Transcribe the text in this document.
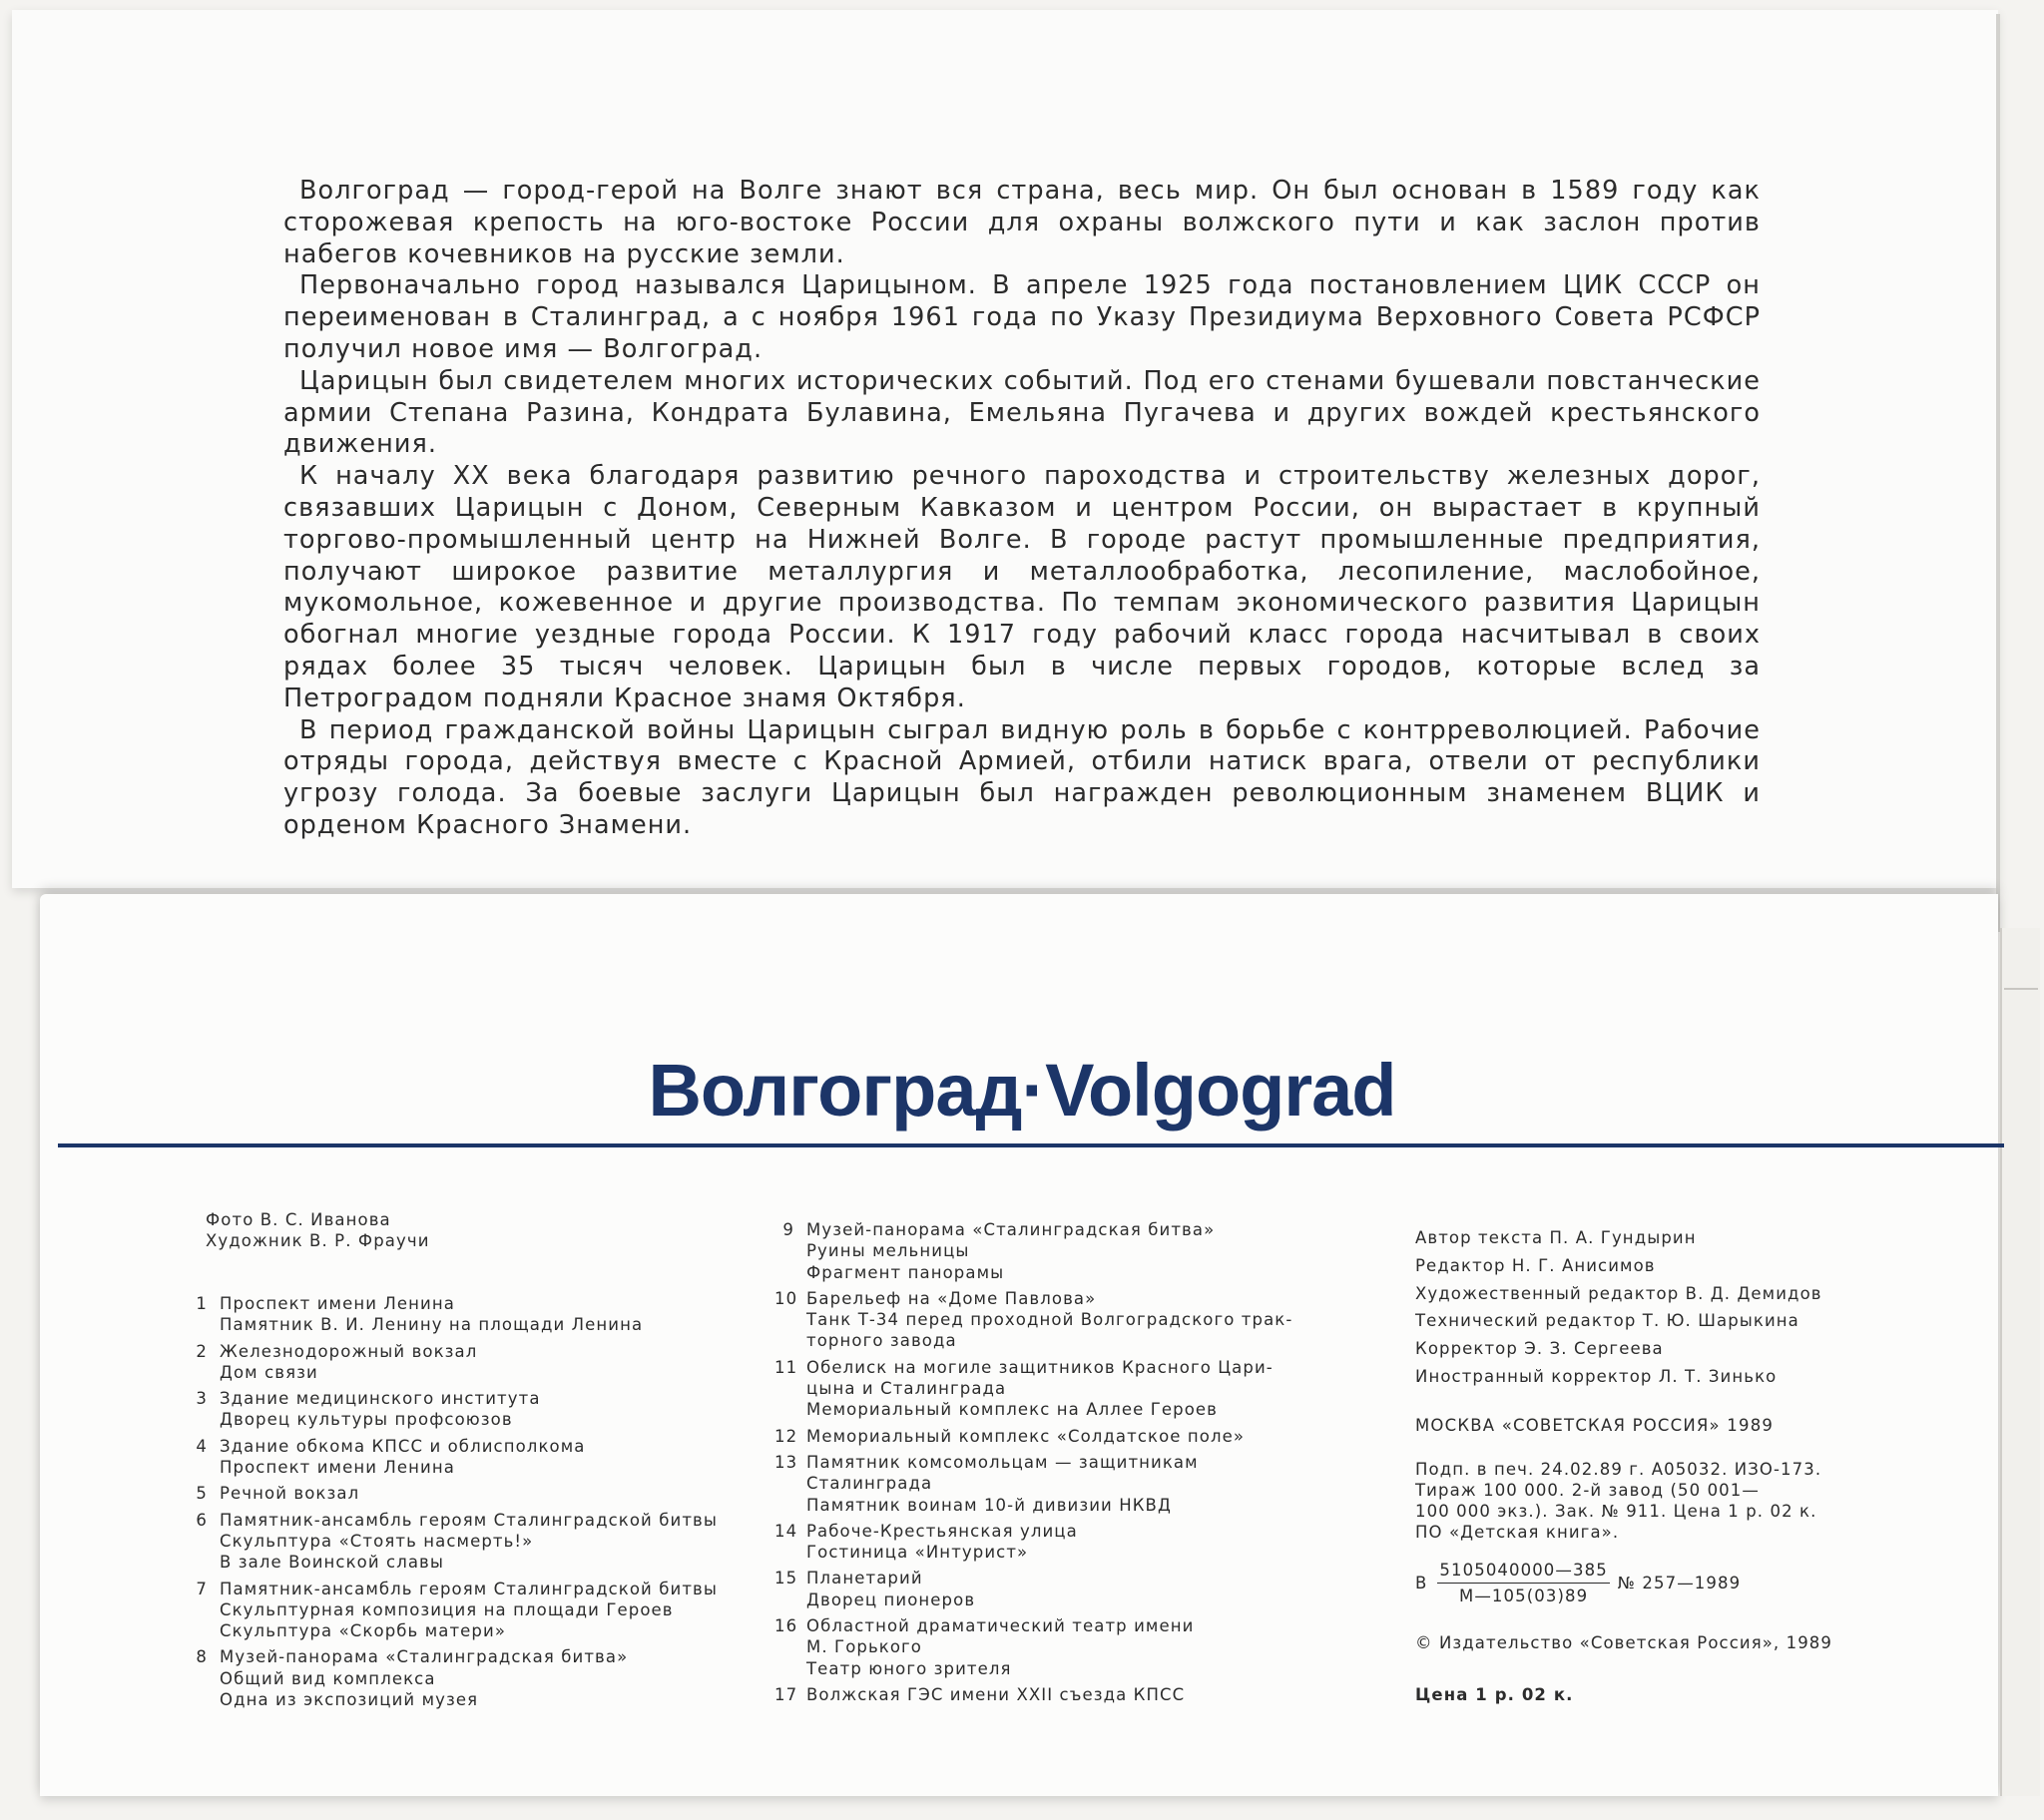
Волгоград — город-герой на Волге знают вся страна, весь мир. Он был основан в 1589 году как сторожевая крепость на юго-востоке России для охраны волжского пути и как заслон против набегов кочевников на русские земли.

Первоначально город назывался Царицыном. В апреле 1925 года постановлением ЦИК СССР он переименован в Сталинград, а с ноября 1961 года по Указу Президиума Верховного Совета РСФСР получил новое имя — Волгоград.

Царицын был свидетелем многих исторических событий. Под его стенами бушевали повстанческие армии Степана Разина, Кондрата Булавина, Емельяна Пугачева и других вождей крестьянского движения.

К началу XX века благодаря развитию речного пароходства и строительству железных дорог, связавших Царицын с Доном, Северным Кавказом и центром России, он вырастает в крупный торгово-промышленный центр на Нижней Волге. В городе растут промышленные предприятия, получают широкое развитие металлургия и металлообработка, лесопиление, маслобойное, мукомольное, кожевенное и другие производства. По темпам экономического развития Царицын обогнал многие уездные города России. К 1917 году рабочий класс города насчитывал в своих рядах более 35 тысяч человек. Царицын был в числе первых городов, которые вслед за Петроградом подняли Красное знамя Октября.

В период гражданской войны Царицын сыграл видную роль в борьбе с контрреволюцией. Рабочие отряды города, действуя вместе с Красной Армией, отбили натиск врага, отвели от республики угрозу голода. За боевые заслуги Царицын был награжден революционным знаменем ВЦИК и орденом Красного Знамени.

Волгоград·Volgograd
Фото В. С. Иванова
Художник В. Р. Фраучи
1 Проспект имени Ленина
Памятник В. И. Ленину на площади Ленина
2 Железнодорожный вокзал
Дом связи
3 Здание медицинского института
Дворец культуры профсоюзов
4 Здание обкома КПСС и облисполкома
Проспект имени Ленина
5 Речной вокзал
6 Памятник-ансамбль героям Сталинградской битвы
Скульптура «Стоять насмерть!»
В зале Воинской славы
7 Памятник-ансамбль героям Сталинградской битвы
Скульптурная композиция на площади Героев
Скульптура «Скорбь матери»
8 Музей-панорама «Сталинградская битва»
Общий вид комплекса
Одна из экспозиций музея
9 Музей-панорама «Сталинградская битва»
Руины мельницы
Фрагмент панорамы
10 Барельеф на «Доме Павлова»
Танк Т-34 перед проходной Волгоградского трак-
торного завода
11 Обелиск на могиле защитников Красного Цари-
цына и Сталинграда
Мемориальный комплекс на Аллее Героев
12 Мемориальный комплекс «Солдатское поле»
13 Памятник комсомольцам — защитникам
Сталинграда
Памятник воинам 10-й дивизии НКВД
14 Рабоче-Крестьянская улица
Гостиница «Интурист»
15 Планетарий
Дворец пионеров
16 Областной драматический театр имени
М. Горького
Театр юного зрителя
17 Волжская ГЭС имени XXII съезда КПСС
Автор текста П. А. Гундырин
Редактор Н. Г. Анисимов
Художественный редактор В. Д. Демидов
Технический редактор Т. Ю. Шарыкина
Корректор Э. З. Сергеева
Иностранный корректор Л. Т. Зинько
МОСКВА «СОВЕТСКАЯ РОССИЯ» 1989
Подп. в печ. 24.02.89 г. А05032. ИЗО-173.
Тираж 100 000. 2-й завод (50 001—
100 000 экз.). Зак. № 911. Цена 1 р. 02 к.
ПО «Детская книга».
В $\frac{5105040000—385}{М—105(03)89}$ № 257—1989
© Издательство «Советская Россия», 1989
Цена 1 р. 02 к.
